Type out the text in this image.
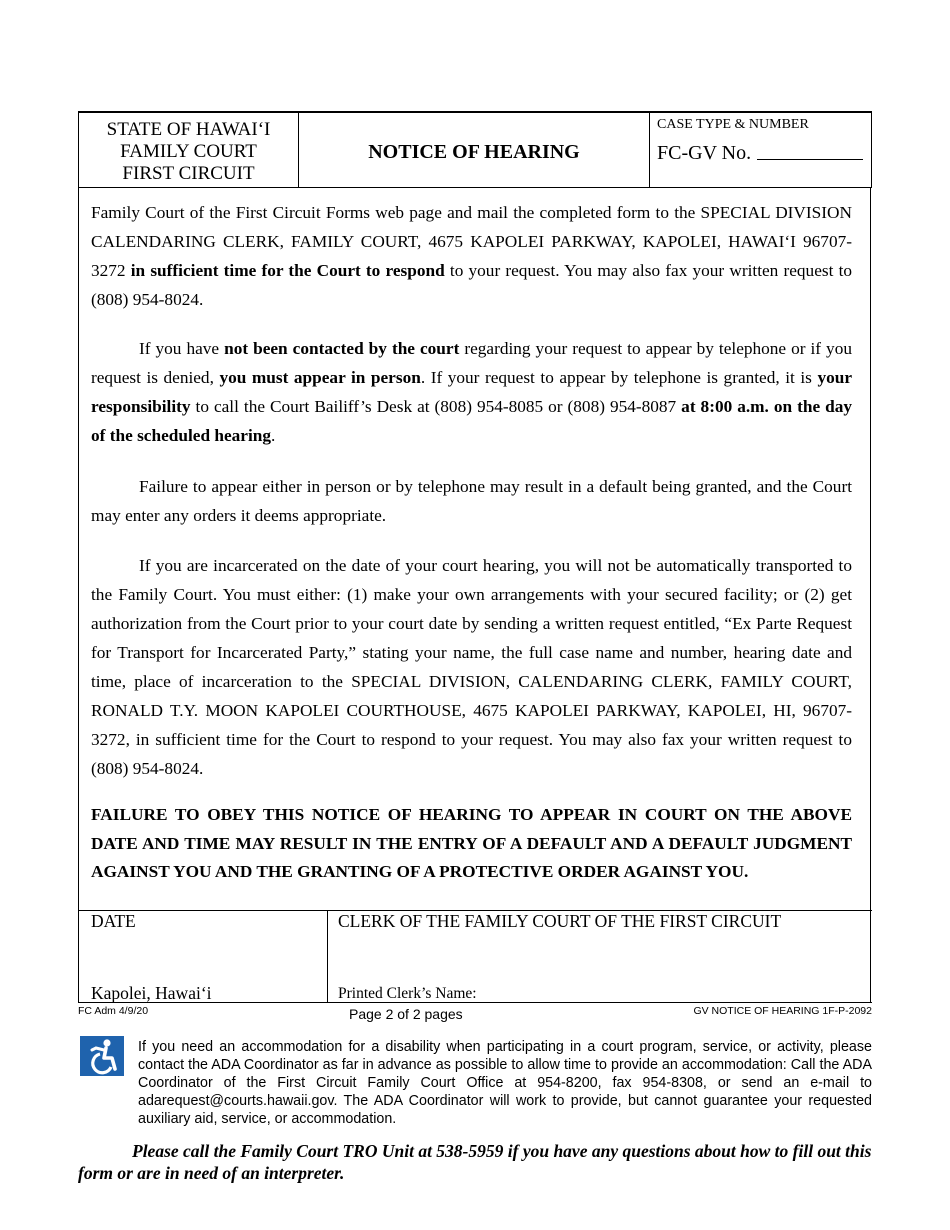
STATE OF HAWAI‘I
FAMILY COURT
FIRST CIRCUIT
NOTICE OF HEARING
CASE TYPE & NUMBER
FC-GV No.
Family Court of the First Circuit Forms web page and mail the completed form to the SPECIAL DIVISION CALENDARING CLERK, FAMILY COURT, 4675 KAPOLEI PARKWAY, KAPOLEI, HAWAI‘I 96707-3272 in sufficient time for the Court to respond to your request. You may also fax your written request to (808) 954-8024.
If you have not been contacted by the court regarding your request to appear by telephone or if you request is denied, you must appear in person. If your request to appear by telephone is granted, it is your responsibility to call the Court Bailiff’s Desk at (808) 954-8085 or (808) 954-8087 at 8:00 a.m. on the day of the scheduled hearing.
Failure to appear either in person or by telephone may result in a default being granted, and the Court may enter any orders it deems appropriate.
If you are incarcerated on the date of your court hearing, you will not be automatically transported to the Family Court. You must either: (1) make your own arrangements with your secured facility; or (2) get authorization from the Court prior to your court date by sending a written request entitled, “Ex Parte Request for Transport for Incarcerated Party,” stating your name, the full case name and number, hearing date and time, place of incarceration to the SPECIAL DIVISION, CALENDARING CLERK, FAMILY COURT, RONALD T.Y. MOON KAPOLEI COURTHOUSE, 4675 KAPOLEI PARKWAY, KAPOLEI, HI, 96707-3272, in sufficient time for the Court to respond to your request. You may also fax your written request to (808) 954-8024.
FAILURE TO OBEY THIS NOTICE OF HEARING TO APPEAR IN COURT ON THE ABOVE DATE AND TIME MAY RESULT IN THE ENTRY OF A DEFAULT AND A DEFAULT JUDGMENT AGAINST YOU AND THE GRANTING OF A PROTECTIVE ORDER AGAINST YOU.
DATE	CLERK OF THE FAMILY COURT OF THE FIRST CIRCUIT
Kapolei, Hawai‘i	Printed Clerk’s Name:
FC Adm 4/9/20	Page 2 of 2 pages	GV NOTICE OF HEARING 1F-P-2092
If you need an accommodation for a disability when participating in a court program, service, or activity, please contact the ADA Coordinator as far in advance as possible to allow time to provide an accommodation: Call the ADA Coordinator of the First Circuit Family Court Office at 954-8200, fax 954-8308, or send an e-mail to adarequest@courts.hawaii.gov. The ADA Coordinator will work to provide, but cannot guarantee your requested auxiliary aid, service, or accommodation.
Please call the Family Court TRO Unit at 538-5959 if you have any questions about how to fill out this form or are in need of an interpreter.
